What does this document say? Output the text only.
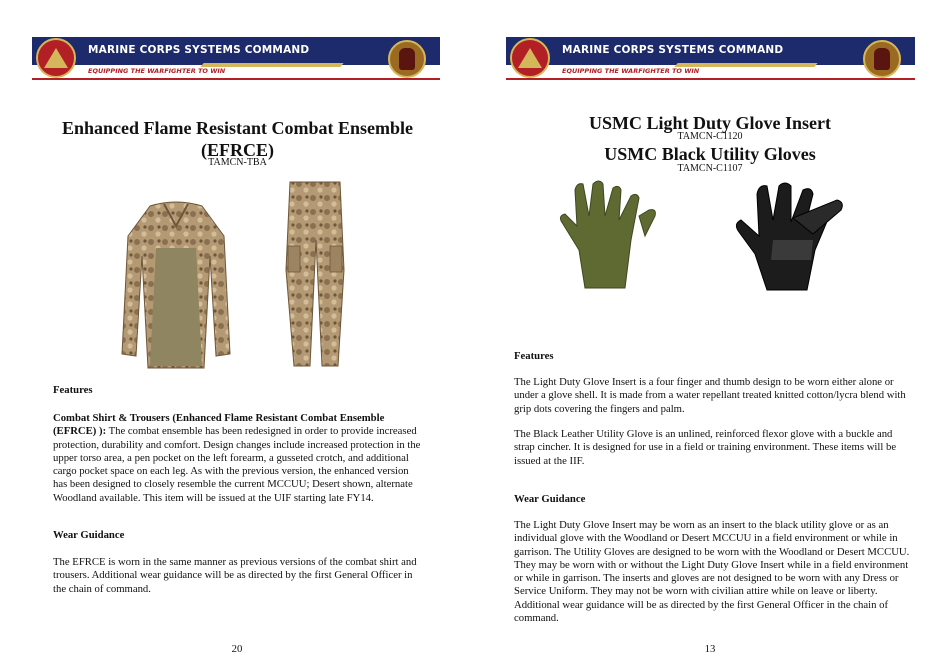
MARINE CORPS SYSTEMS COMMAND
EQUIPPING THE WARFIGHTER TO WIN
Enhanced Flame Resistant Combat Ensemble
(EFRCE)
TAMCN-TBA
Features
Combat Shirt & Trousers (Enhanced Flame Resistant Combat Ensemble (EFRCE) ): The combat ensemble has been redesigned in order to provide increased protection, durability and comfort. Design changes include increased protection in the upper torso area, a pen pocket on the left forearm, a gusseted crotch, and additional cargo pocket space on each leg. As with the previous version, the enhanced version has been designed to closely resemble the current MCCUU; Desert shown, alternate Woodland available. This item will be issued at the UIF starting late FY14.
Wear Guidance
The EFRCE is worn in the same manner as previous versions of the combat shirt and trousers. Additional wear guidance will be as directed by the first General Officer in the chain of command.
20
MARINE CORPS SYSTEMS COMMAND
EQUIPPING THE WARFIGHTER TO WIN
USMC Light Duty Glove Insert
TAMCN-C1120
USMC Black Utility Gloves
TAMCN-C1107
Features
The Light Duty Glove Insert is a four finger and thumb design to be worn either alone or under a glove shell. It is made from a water repellant treated knitted cotton/lycra blend with grip dots covering the fingers and palm.
The Black Leather Utility Glove is an unlined, reinforced flexor glove with a buckle and strap cincher. It is designed for use in a field or training environment. These items will be issued at the IIF.
Wear Guidance
The Light Duty Glove Insert may be worn as an insert to the black utility glove or as an individual glove with the Woodland or Desert MCCUU in a field environment or while in garrison. The Utility Gloves are designed to be worn with the Woodland or Desert MCCUU. They may be worn with or without the Light Duty Glove Insert while in a field environment or while in garrison. The inserts and gloves are not designed to be worn with any Dress or Service Uniform. They may not be worn with civilian attire while on leave or liberty. Additional wear guidance will be as directed by the first General Officer in the chain of command.
13
